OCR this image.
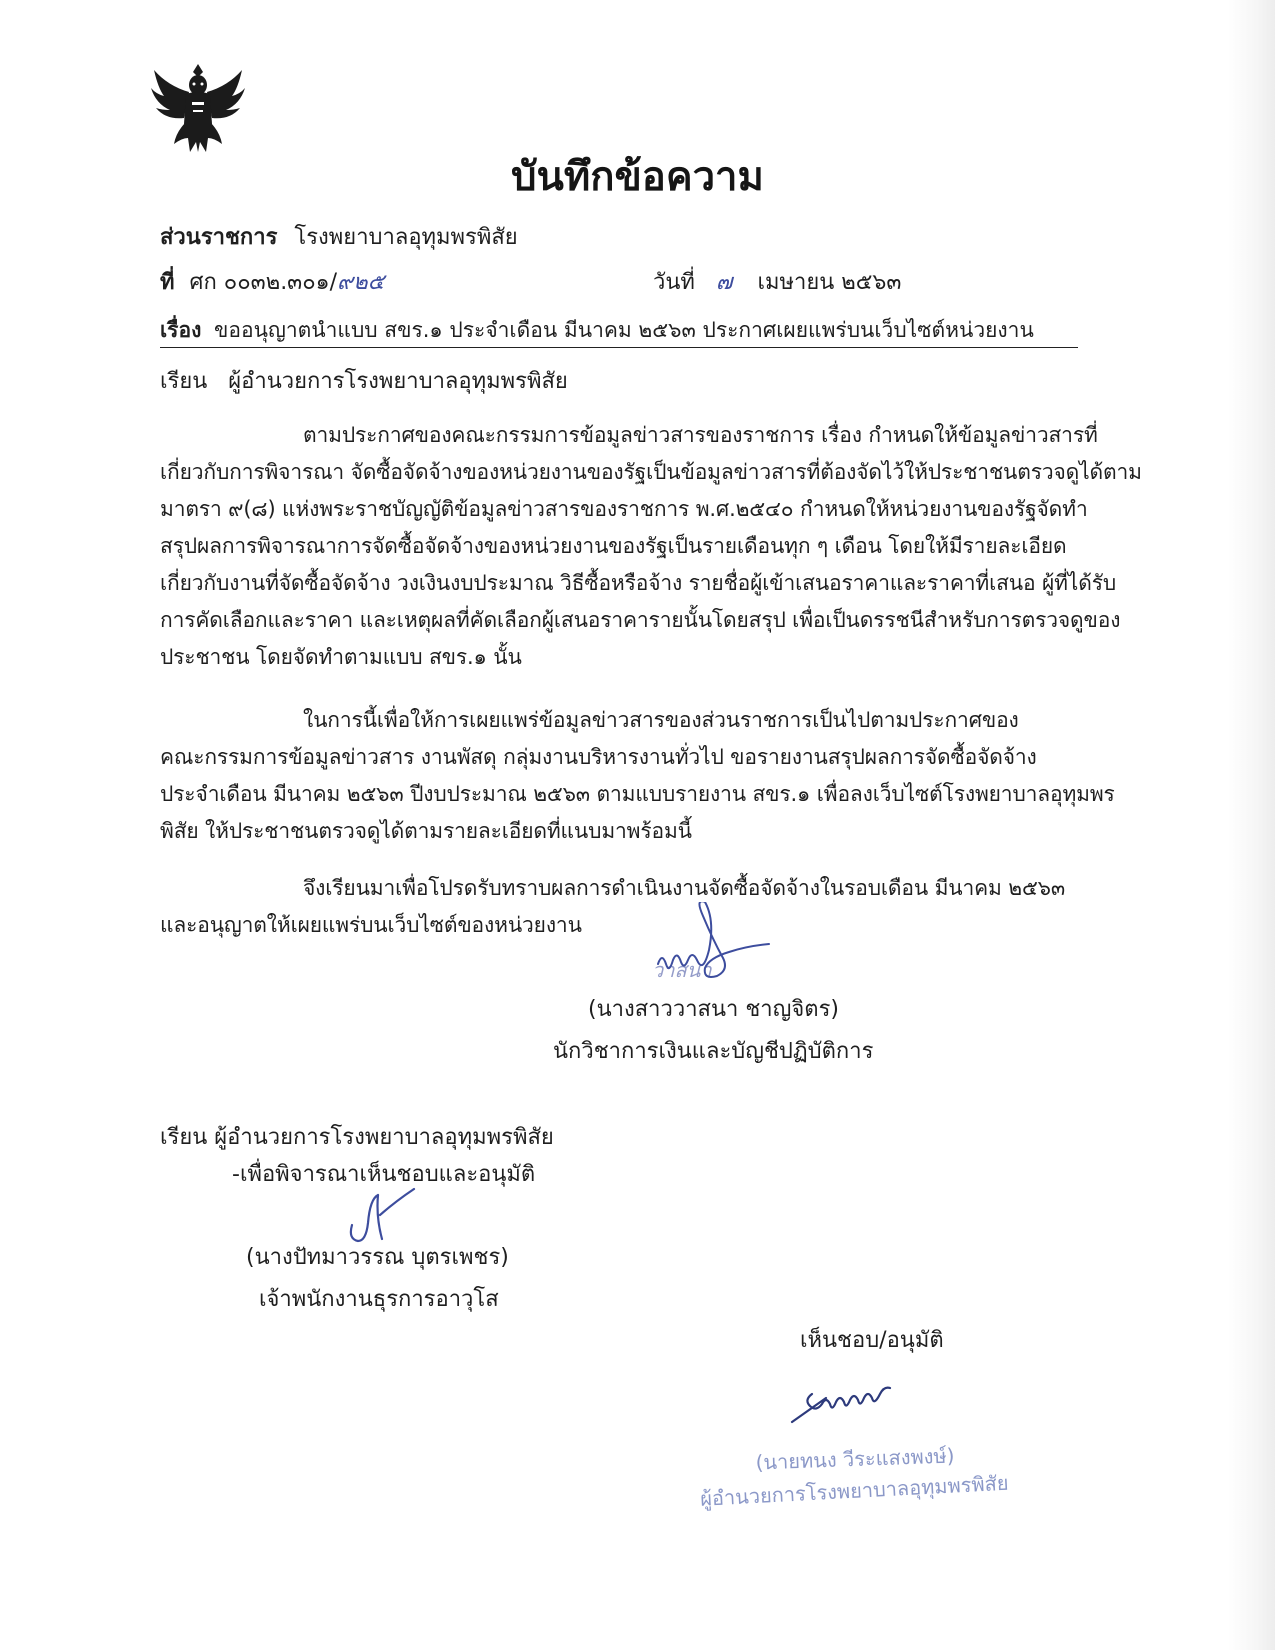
บันทึกข้อความ
ส่วนราชการ โรงพยาบาลอุทุมพรพิสัย
ที่ ศก ๐๐๓๒.๓๐๑/๙๒๕	วันที่ ๗ เมษายน ๒๕๖๓
เรื่อง ขออนุญาตนำแบบ สขร.๑ ประจำเดือน มีนาคม ๒๕๖๓ ประกาศเผยแพร่บนเว็บไซต์หน่วยงาน
เรียน ผู้อำนวยการโรงพยาบาลอุทุมพรพิสัย
ตามประกาศของคณะกรรมการข้อมูลข่าวสารของราชการ เรื่อง กำหนดให้ข้อมูลข่าวสารที่
เกี่ยวกับการพิจารณา จัดซื้อจัดจ้างของหน่วยงานของรัฐเป็นข้อมูลข่าวสารที่ต้องจัดไว้ให้ประชาชนตรวจดูได้ตาม
มาตรา ๙(๘) แห่งพระราชบัญญัติข้อมูลข่าวสารของราชการ พ.ศ.๒๕๔๐ กำหนดให้หน่วยงานของรัฐจัดทำ
สรุปผลการพิจารณาการจัดซื้อจัดจ้างของหน่วยงานของรัฐเป็นรายเดือนทุก ๆ เดือน โดยให้มีรายละเอียด
เกี่ยวกับงานที่จัดซื้อจัดจ้าง วงเงินงบประมาณ วิธีซื้อหรือจ้าง รายชื่อผู้เข้าเสนอราคาและราคาที่เสนอ ผู้ที่ได้รับ
การคัดเลือกและราคา และเหตุผลที่คัดเลือกผู้เสนอราคารายนั้นโดยสรุป เพื่อเป็นดรรชนีสำหรับการตรวจดูของ
ประชาชน โดยจัดทำตามแบบ สขร.๑ นั้น
ในการนี้เพื่อให้การเผยแพร่ข้อมูลข่าวสารของส่วนราชการเป็นไปตามประกาศของ
คณะกรรมการข้อมูลข่าวสาร งานพัสดุ กลุ่มงานบริหารงานทั่วไป ขอรายงานสรุปผลการจัดซื้อจัดจ้าง
ประจำเดือน มีนาคม ๒๕๖๓ ปีงบประมาณ ๒๕๖๓ ตามแบบรายงาน สขร.๑ เพื่อลงเว็บไซต์โรงพยาบาลอุทุมพร
พิสัย ให้ประชาชนตรวจดูได้ตามรายละเอียดที่แนบมาพร้อมนี้
จึงเรียนมาเพื่อโปรดรับทราบผลการดำเนินงานจัดซื้อจัดจ้างในรอบเดือน มีนาคม ๒๕๖๓
และอนุญาตให้เผยแพร่บนเว็บไซต์ของหน่วยงาน
วาสนา
(นางสาววาสนา ชาญจิตร)
นักวิชาการเงินและบัญชีปฏิบัติการ
เรียน ผู้อำนวยการโรงพยาบาลอุทุมพรพิสัย
-เพื่อพิจารณาเห็นชอบและอนุมัติ
(นางปัทมาวรรณ บุตรเพชร)
เจ้าพนักงานธุรการอาวุโส
เห็นชอบ/อนุมัติ
(นายทนง วีระแสงพงษ์)
ผู้อำนวยการโรงพยาบาลอุทุมพรพิสัย
